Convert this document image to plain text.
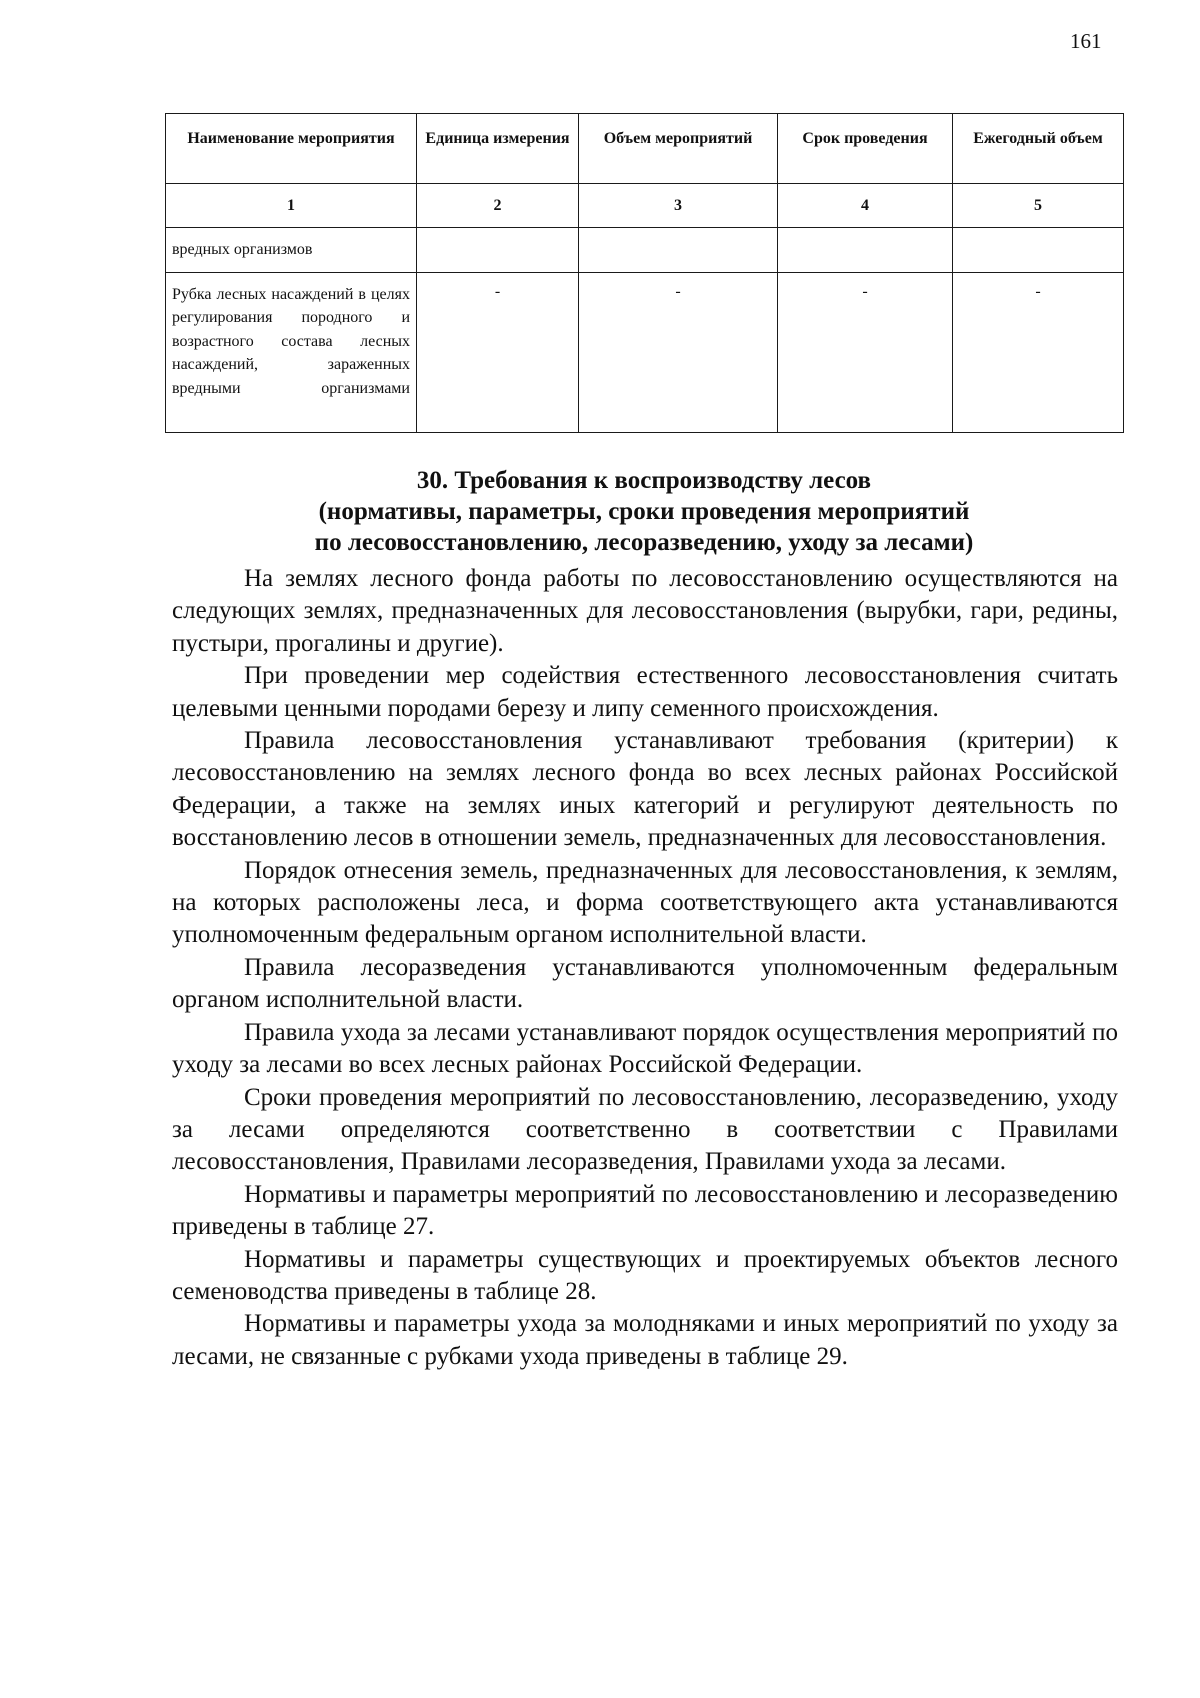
161
Наименование мероприятия	Единица измерения	Объем мероприятий	Срок проведения	Ежегодный объем
1	2	3	4	5
вредных организмов				
Рубка лесных насаждений в целях регулирования породного и возрастного состава лесных насаждений, зараженных вредными организмами	-	-	-	-
30. Требования к воспроизводству лесов
(нормативы, параметры, сроки проведения мероприятий
по лесовосстановлению, лесоразведению, уходу за лесами)

На землях лесного фонда работы по лесовосстановлению осуществляются на следующих землях, предназначенных для лесовосстановления (вырубки, гари, редины, пустыри, прогалины и другие).

При проведении мер содействия естественного лесовосстановления считать целевыми ценными породами березу и липу семенного происхождения.

Правила лесовосстановления устанавливают требования (критерии) к лесовосстановлению на землях лесного фонда во всех лесных районах Российской Федерации, а также на землях иных категорий и регулируют деятельность по восстановлению лесов в отношении земель, предназначенных для лесовосстановления.

Порядок отнесения земель, предназначенных для лесовосстановления, к землям, на которых расположены леса, и форма соответствующего акта устанавливаются уполномоченным федеральным органом исполнительной власти.

Правила лесоразведения устанавливаются уполномоченным федеральным органом исполнительной власти.

Правила ухода за лесами устанавливают порядок осуществления мероприятий по уходу за лесами во всех лесных районах Российской Федерации.

Сроки проведения мероприятий по лесовосстановлению, лесоразведению, уходу за лесами определяются соответственно в соответствии с Правилами лесовосстановления, Правилами лесоразведения, Правилами ухода за лесами.

Нормативы и параметры мероприятий по лесовосстановлению и лесоразведению приведены в таблице 27.

Нормативы и параметры существующих и проектируемых объектов лесного семеноводства приведены в таблице 28.

Нормативы и параметры ухода за молодняками и иных мероприятий по уходу за лесами, не связанные с рубками ухода приведены в таблице 29.
